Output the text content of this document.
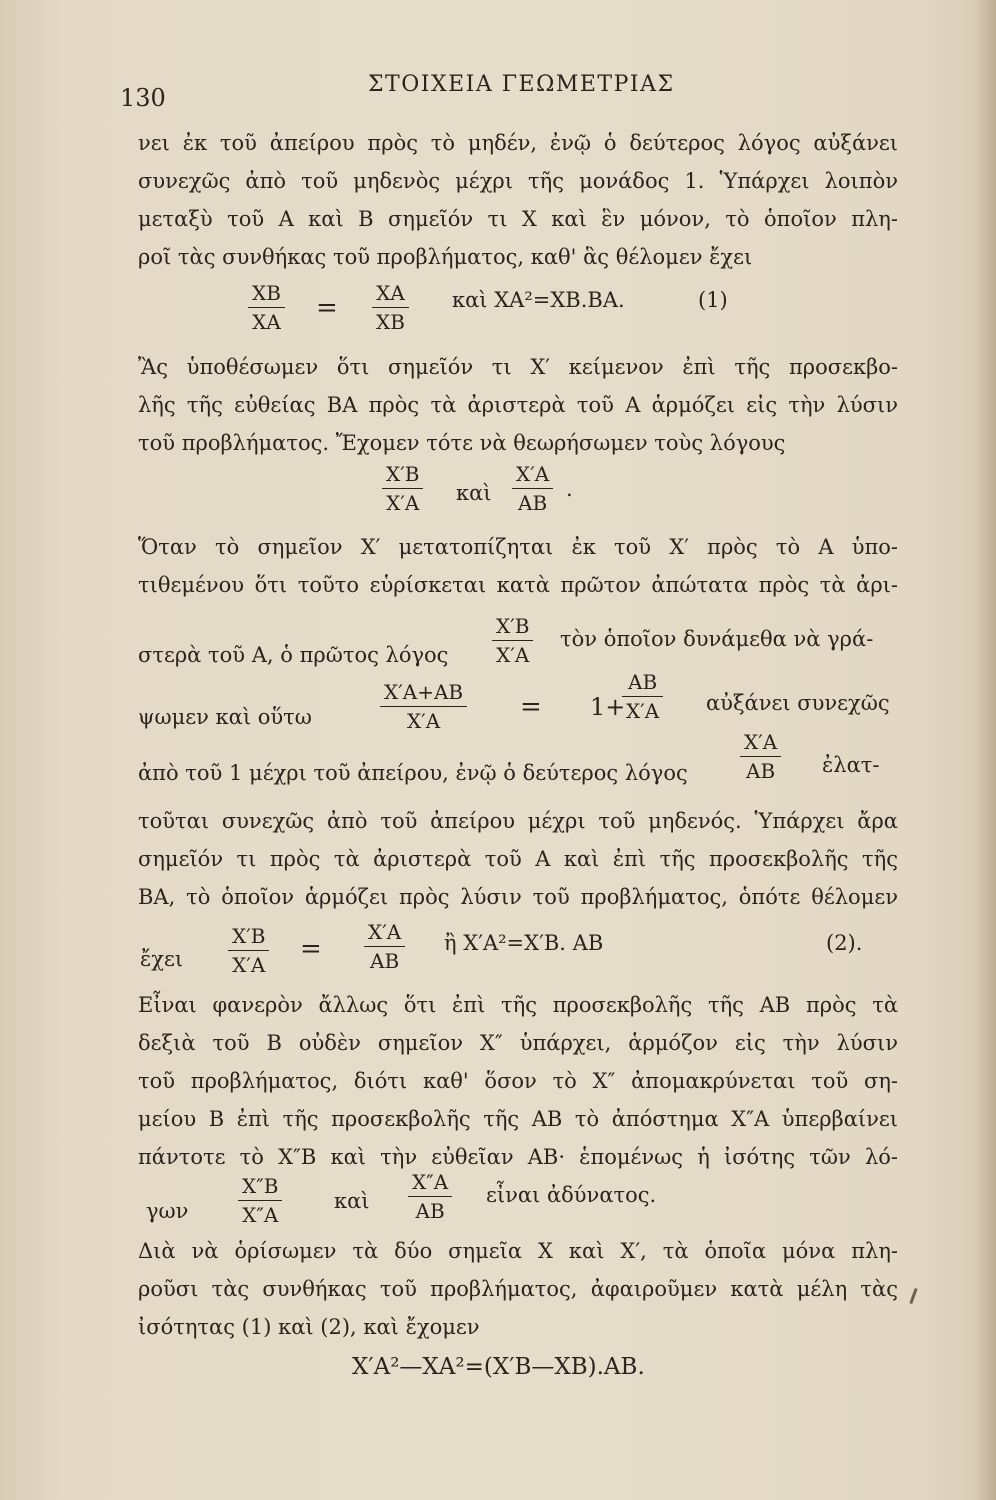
130	ΣΤΟΙΧΕΙΑ ΓΕΩΜΕΤΡΙΑΣ
νει ἐκ τοῦ ἀπείρου πρὸς τὸ μηδέν, ἐνῷ ὁ δεύτερος λόγος αὐξάνει
συνεχῶς ἀπὸ τοῦ μηδενὸς μέχρι τῆς μονάδος 1. Ὑπάρχει λοιπὸν
μεταξὺ τοῦ Α καὶ Β σημεῖόν τι Χ καὶ ἓν μόνον, τὸ ὁποῖον πλη-
ροῖ τὰς συνθήκας τοῦ προβλήματος, καθ' ἃς θέλομεν ἔχει
$\frac{XB}{XA} = \frac{XA}{XB}$ καὶ ΧΑ²=ΧΒ.ΒΑ.	(1)
Ἂς ὑποθέσωμεν ὅτι σημεῖόν τι Χ′ κείμενον ἐπὶ τῆς προσεκβο-
λῆς τῆς εὐθείας ΒΑ πρὸς τὰ ἀριστερὰ τοῦ Α ἁρμόζει εἰς τὴν λύσιν
τοῦ προβλήματος. Ἔχομεν τότε νὰ θεωρήσωμεν τοὺς λόγους
$\frac{X'B}{X'A}$ καὶ $\frac{X'A}{AB}$ .
Ὅταν τὸ σημεῖον Χ′ μετατοπίζηται ἐκ τοῦ Χ′ πρὸς τὸ Α ὑπο-
τιθεμένου ὅτι τοῦτο εὑρίσκεται κατὰ πρῶτον ἀπώτατα πρὸς τὰ ἀρι-
στερὰ τοῦ Α, ὁ πρῶτος λόγος $\frac{X'B}{X'A}$ τὸν ὁποῖον δυνάμεθα νὰ γρά-
ψωμεν καὶ οὕτω	$\frac{X'A+AB}{X'A} = 1+$
$\frac{AB}{X'A}$ αὐξάνει συνεχῶς
ἀπὸ τοῦ 1 μέχρι τοῦ ἀπείρου, ἐνῷ ὁ δεύτερος λόγος	$\frac{X'A}{AB}$ ἐλατ-
τοῦται συνεχῶς ἀπὸ τοῦ ἀπείρου μέχρι τοῦ μηδενός. Ὑπάρχει ἄρα
σημεῖόν τι πρὸς τὰ ἀριστερὰ τοῦ Α καὶ ἐπὶ τῆς προσεκβολῆς τῆς
ΒΑ, τὸ ὁποῖον ἁρμόζει πρὸς λύσιν τοῦ προβλήματος, ὁπότε θέλομεν
ἔχει $\frac{X'B}{X'A} = \frac{X'A}{AB}$ ἢ Χ′Α²=Χ′Β. ΑΒ	(2).
Εἶναι φανερὸν ἄλλως ὅτι ἐπὶ τῆς προσεκβολῆς τῆς ΑΒ πρὸς τὰ
δεξιὰ τοῦ Β οὐδὲν σημεῖον Χ″ ὑπάρχει, ἁρμόζον εἰς τὴν λύσιν
τοῦ προβλήματος, διότι καθ' ὅσον τὸ Χ″ ἀπομακρύνεται τοῦ ση-
μείου Β ἐπὶ τῆς προσεκβολῆς τῆς ΑΒ τὸ ἀπόστημα Χ″Α ὑπερβαίνει
πάντοτε τὸ Χ″Β καὶ τὴν εὐθεῖαν ΑΒ· ἑπομένως ἡ ἰσότης τῶν λό-
γων $\frac{X''B}{X''A}$ καὶ $\frac{X''A}{AB}$ εἶναι ἀδύνατος.
Διὰ νὰ ὁρίσωμεν τὰ δύο σημεῖα Χ καὶ Χ′, τὰ ὁποῖα μόνα πλη-
ροῦσι τὰς συνθήκας τοῦ προβλήματος, ἀφαιροῦμεν κατὰ μέλη τὰς
ἰσότητας (1) καὶ (2), καὶ ἔχομεν
Χ′Α²—ΧΑ²=(Χ′Β—ΧΒ).ΑΒ.
